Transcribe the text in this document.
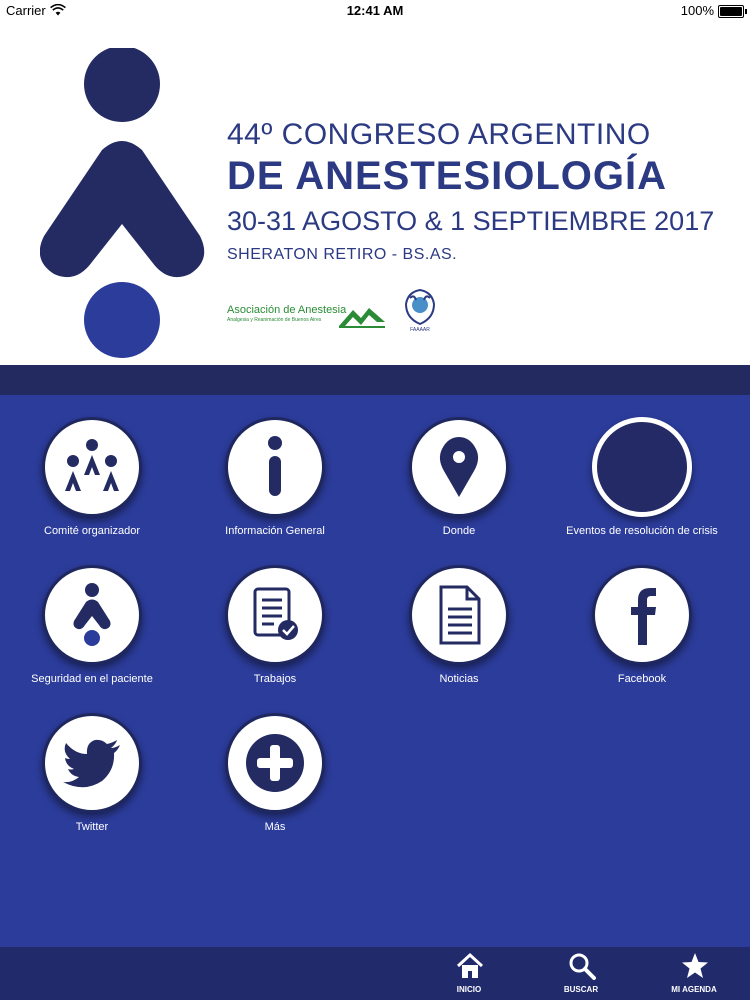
Carrier	12:41 AM	100%
44º CONGRESO ARGENTINO
DE ANESTESIOLOGÍA
30-31 AGOSTO & 1 SEPTIEMBRE 2017
SHERATON RETIRO - BS.AS.
Asociación de Anestesia
Analgesia y Reanimación de Buenos Aires
FAAAAR
Comité organizador	Información General	Donde	Eventos de resolución de crisis
Seguridad en el paciente	Trabajos	Noticias	Facebook
Twitter	Más
INICIO	BUSCAR	MI AGENDA
